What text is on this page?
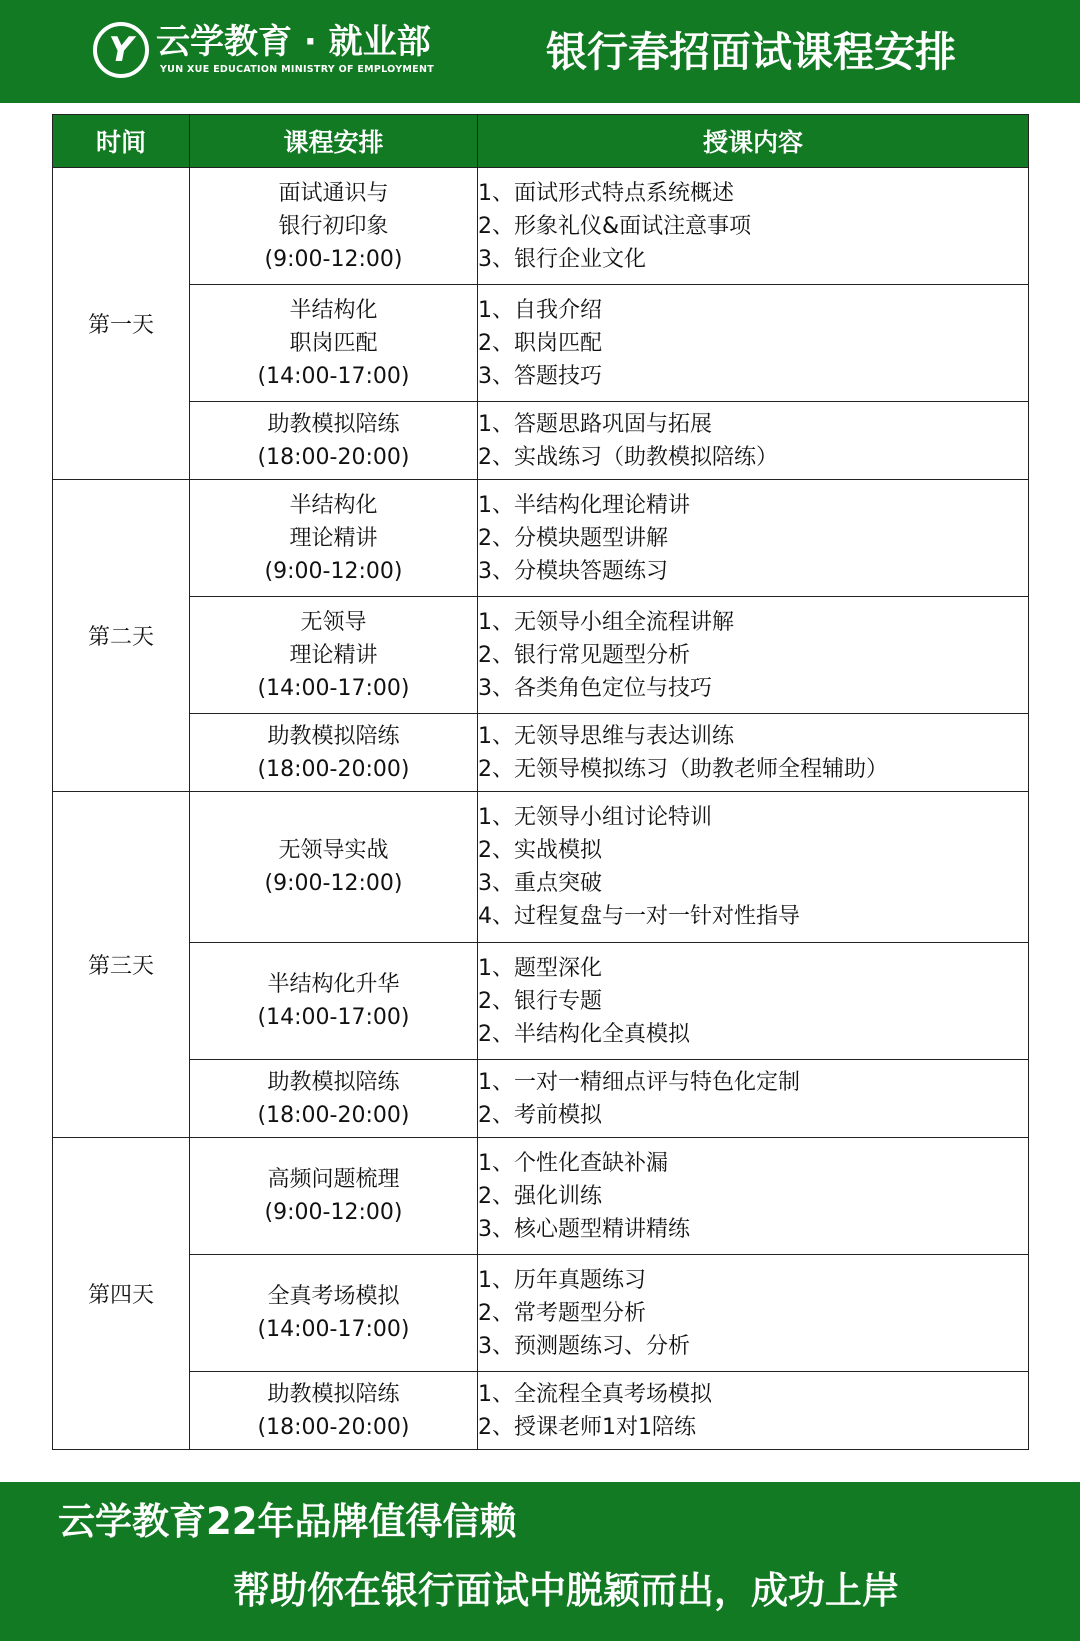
Y 云学教育 · 就业部
YUN XUE EDUCATION MINISTRY OF EMPLOYMENT	银行春招面试课程安排
时间	课程安排	授课内容
第一天	面试通识与
银行初印象
(9:00-12:00)	1、面试形式特点系统概述
2、形象礼仪&面试注意事项
3、银行企业文化

	半结构化
职岗匹配
(14:00-17:00)	1、自我介绍
2、职岗匹配
3、答题技巧

	助教模拟陪练
(18:00-20:00)	1、答题思路巩固与拓展
2、实战练习（助教模拟陪练）

第二天	半结构化
理论精讲
(9:00-12:00)	1、半结构化理论精讲
2、分模块题型讲解
3、分模块答题练习

	无领导
理论精讲
(14:00-17:00)	1、无领导小组全流程讲解
2、银行常见题型分析
3、各类角色定位与技巧

	助教模拟陪练
(18:00-20:00)	1、无领导思维与表达训练
2、无领导模拟练习（助教老师全程辅助）

第三天	无领导实战
(9:00-12:00)	1、无领导小组讨论特训
2、实战模拟
3、重点突破
4、过程复盘与一对一针对性指导

	半结构化升华
(14:00-17:00)	1、题型深化
2、银行专题
2、半结构化全真模拟

	助教模拟陪练
(18:00-20:00)	1、一对一精细点评与特色化定制
2、考前模拟

第四天	高频问题梳理
(9:00-12:00)	1、个性化查缺补漏
2、强化训练
3、核心题型精讲精练

	全真考场模拟
(14:00-17:00)	1、历年真题练习
2、常考题型分析
3、预测题练习、分析

	助教模拟陪练
(18:00-20:00)	1、全流程全真考场模拟
2、授课老师1对1陪练
云学教育22年品牌值得信赖
帮助你在银行面试中脱颖而出，成功上岸
